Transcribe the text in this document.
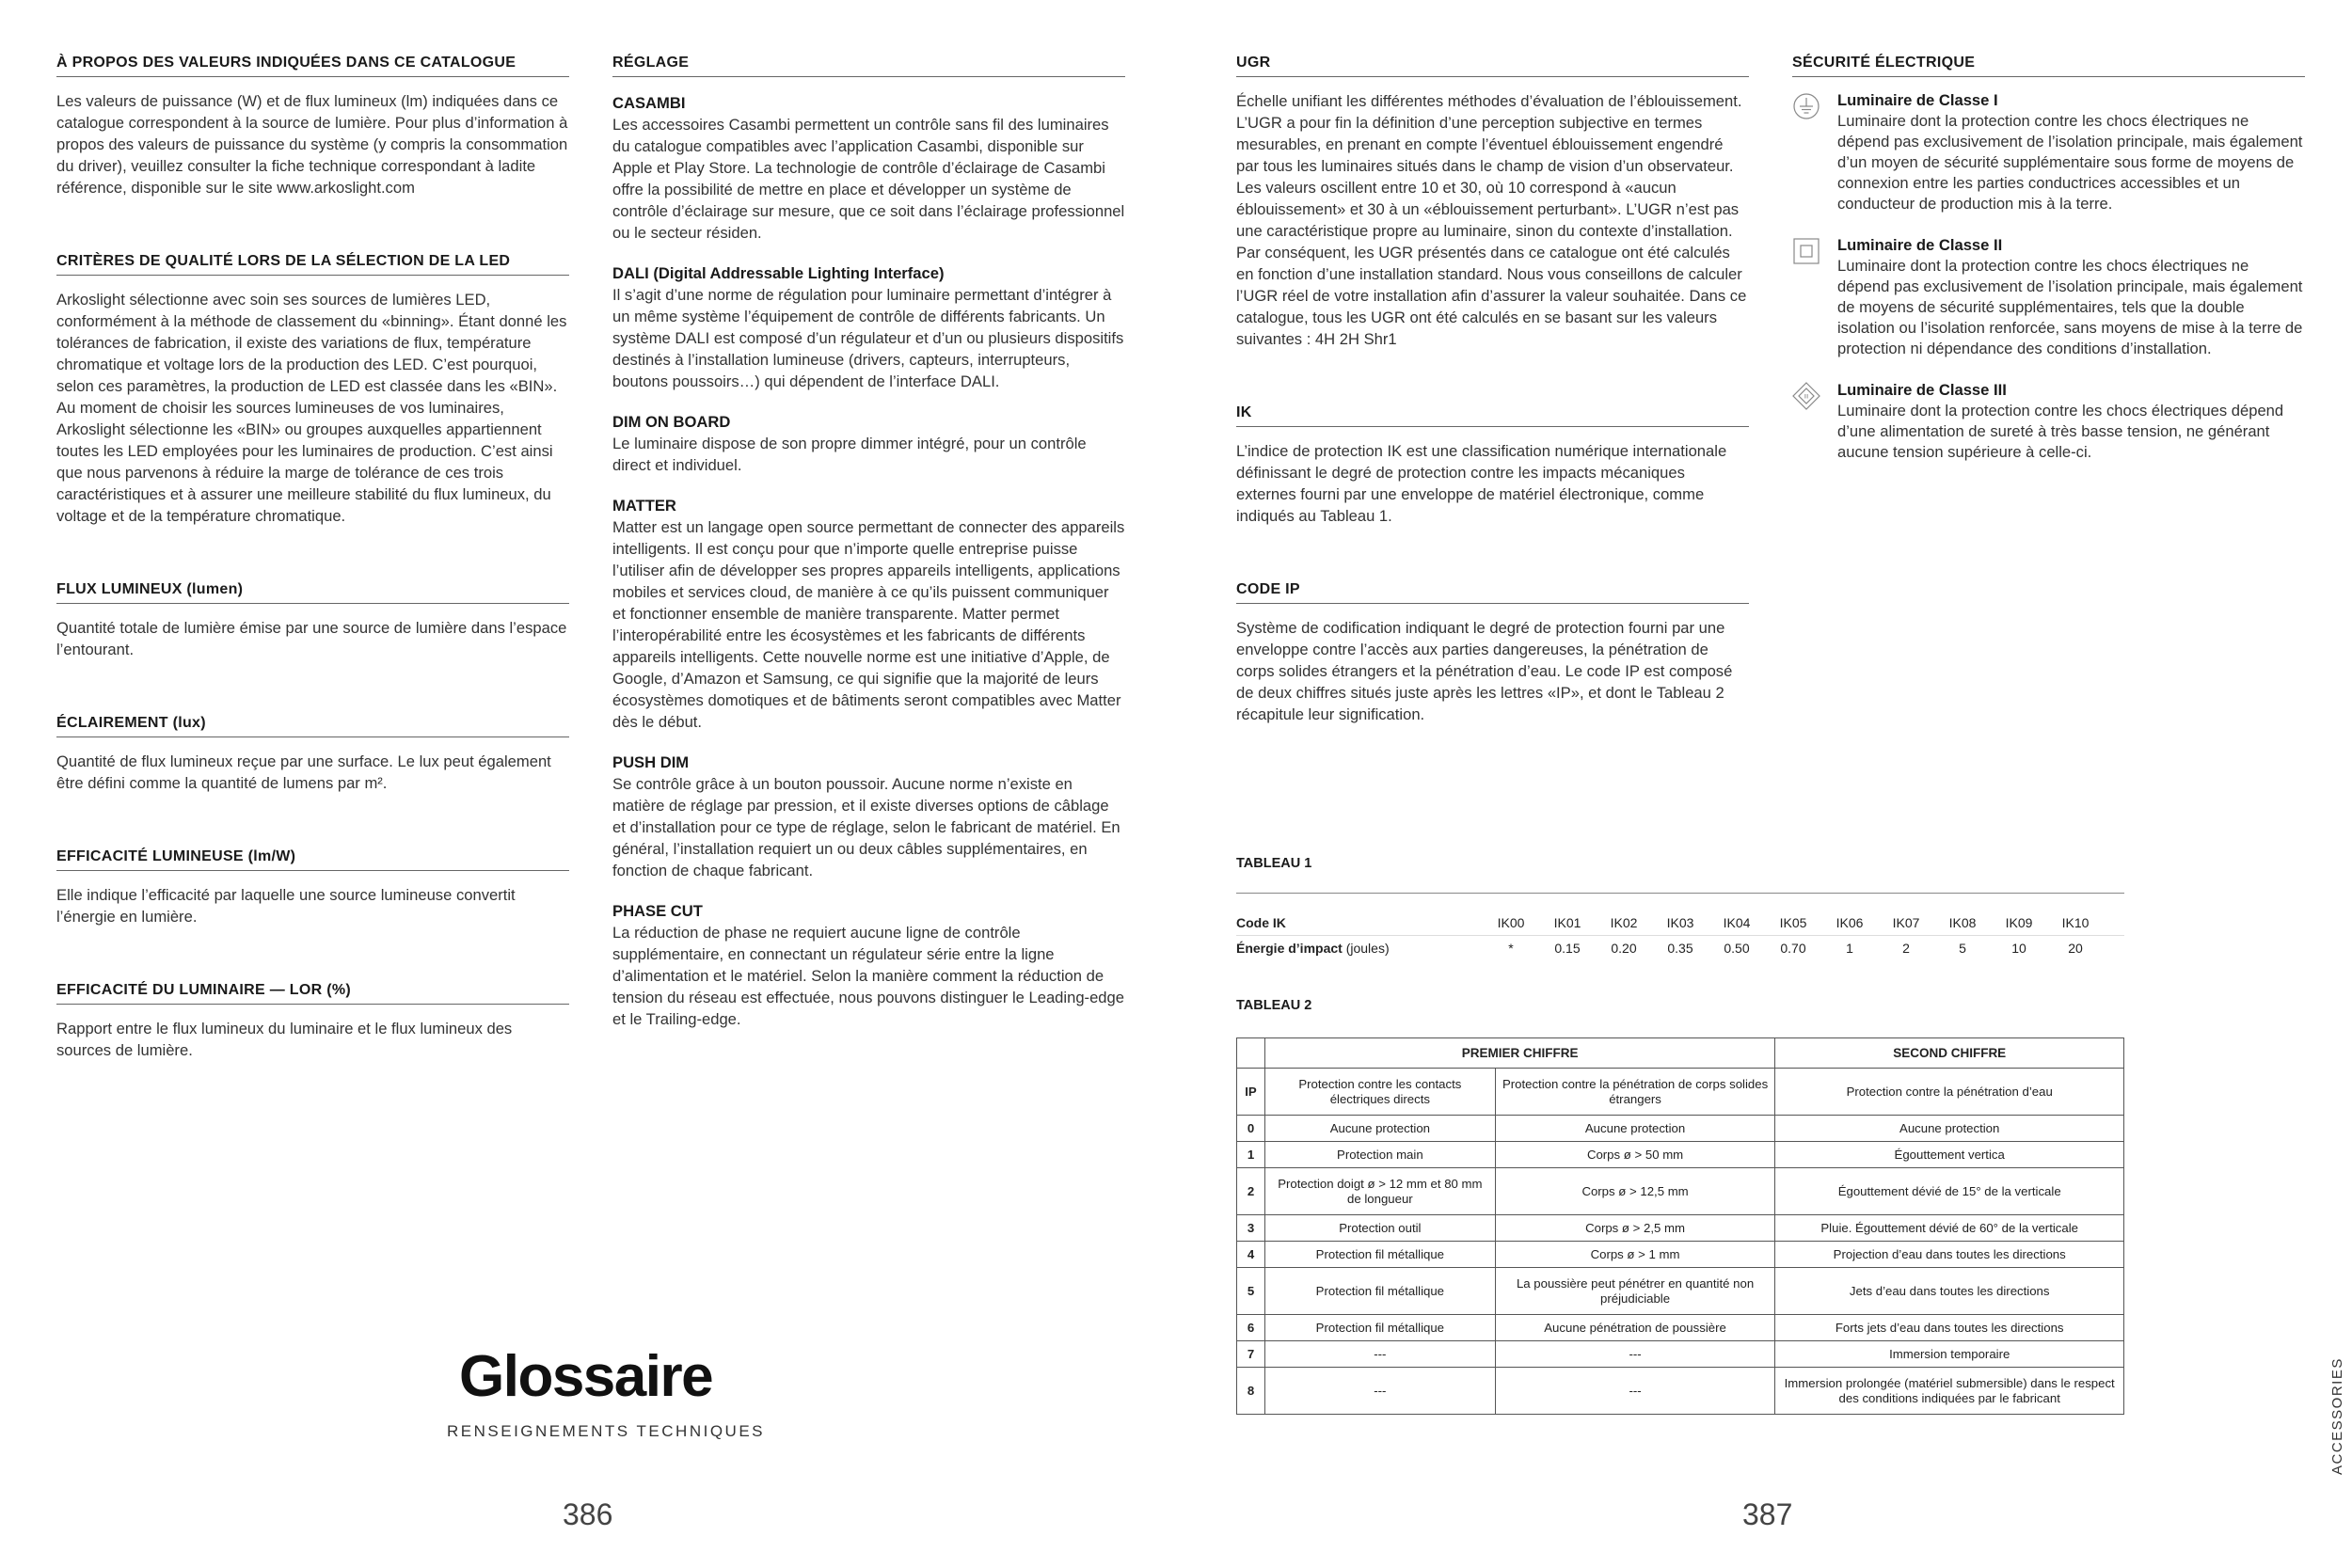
À PROPOS DES VALEURS INDIQUÉES DANS CE CATALOGUE
Les valeurs de puissance (W) et de flux lumineux (lm) indiquées dans ce catalogue correspondent à la source de lumière. Pour plus d’information à propos des valeurs de puissance du système (y compris la consommation du driver), veuillez consulter la fiche technique correspondant à ladite référence, disponible sur le site www.arkoslight.com
CRITÈRES DE QUALITÉ LORS DE LA SÉLECTION DE LA LED
Arkoslight sélectionne avec soin ses sources de lumières LED, conformément à la méthode de classement du «binning». Étant donné les tolérances de fabrication, il existe des variations de flux, température chromatique et voltage lors de la production des LED. C’est pourquoi, selon ces paramètres, la production de LED est classée dans les «BIN». Au moment de choisir les sources lumineuses de vos luminaires, Arkoslight sélectionne les «BIN» ou groupes auxquelles appartiennent toutes les LED employées pour les luminaires de production. C’est ainsi que nous parvenons à réduire la marge de tolérance de ces trois caractéristiques et à assurer une meilleure stabilité du flux lumineux, du voltage et de la température chromatique.
FLUX LUMINEUX (lumen)
Quantité totale de lumière émise par une source de lumière dans l’espace l’entourant.
ÉCLAIREMENT (lux)
Quantité de flux lumineux reçue par une surface. Le lux peut également être défini comme la quantité de lumens par m².
EFFICACITÉ LUMINEUSE (lm/W)
Elle indique l’efficacité par laquelle une source lumineuse convertit l’énergie en lumière.
EFFICACITÉ DU LUMINAIRE — LOR (%)
Rapport entre le flux lumineux du luminaire et le flux lumineux des sources de lumière.
RÉGLAGE
CASAMBI
Les accessoires Casambi permettent un contrôle sans fil des luminaires du catalogue compatibles avec l’application Casambi, disponible sur Apple et Play Store. La technologie de contrôle d’éclairage de Casambi offre la possibilité de mettre en place et développer un système de contrôle d’éclairage sur mesure, que ce soit dans l’éclairage professionnel ou le secteur résiden.
DALI (Digital Addressable Lighting Interface)
Il s’agit d’une norme de régulation pour luminaire permettant d’intégrer à un même système l’équipement de contrôle de différents fabricants. Un système DALI est composé d’un régulateur et d’un ou plusieurs dispositifs destinés à l’installation lumineuse (drivers, capteurs, interrupteurs, boutons poussoirs…) qui dépendent de l’interface DALI.
DIM ON BOARD
Le luminaire dispose de son propre dimmer intégré, pour un contrôle direct et individuel.
MATTER
Matter est un langage open source permettant de connecter des appareils intelligents. Il est conçu pour que n’importe quelle entreprise puisse l’utiliser afin de développer ses propres appareils intelligents, applications mobiles et services cloud, de manière à ce qu’ils puissent communiquer et fonctionner ensemble de manière transparente. Matter permet l’interopérabilité entre les écosystèmes et les fabricants de différents appareils intelligents. Cette nouvelle norme est une initiative d’Apple, de Google, d’Amazon et Samsung, ce qui signifie que la majorité de leurs écosystèmes domotiques et de bâtiments seront compatibles avec Matter dès le début.
PUSH DIM
Se contrôle grâce à un bouton poussoir. Aucune norme n’existe en matière de réglage par pression, et il existe diverses options de câblage et d’installation pour ce type de réglage, selon le fabricant de matériel. En général, l’installation requiert un ou deux câbles supplémentaires, en fonction de chaque fabricant.
PHASE CUT
La réduction de phase ne requiert aucune ligne de contrôle supplémentaire, en connectant un régulateur série entre la ligne d’alimentation et le matériel. Selon la manière comment la réduction de tension du réseau est effectuée, nous pouvons distinguer le Leading-edge et le Trailing-edge.
Glossaire
RENSEIGNEMENTS TECHNIQUES
386
UGR
Échelle unifiant les différentes méthodes d’évaluation de l’éblouissement. L’UGR a pour fin la définition d’une perception subjective en termes mesurables, en prenant en compte l’éventuel éblouissement engendré par tous les luminaires situés dans le champ de vision d’un observateur. Les valeurs oscillent entre 10 et 30, où 10 correspond à «aucun éblouissement» et 30 à un «éblouissement perturbant». L’UGR n’est pas une caractéristique propre au luminaire, sinon du contexte d’installation. Par conséquent, les UGR présentés dans ce catalogue ont été calculés en fonction d’une installation standard. Nous vous conseillons de calculer l’UGR réel de votre installation afin d’assurer la valeur souhaitée. Dans ce catalogue, tous les UGR ont été calculés en se basant sur les valeurs suivantes : 4H 2H Shr1
IK
L’indice de protection IK est une classification numérique internationale définissant le degré de protection contre les impacts mécaniques externes fourni par une enveloppe de matériel électronique, comme indiqués au Tableau 1.
CODE IP
Système de codification indiquant le degré de protection fourni par une enveloppe contre l’accès aux parties dangereuses, la pénétration de corps solides étrangers et la pénétration d’eau. Le code IP est composé de deux chiffres situés juste après les lettres «IP», et dont le Tableau 2 récapitule leur signification.
SÉCURITÉ ÉLECTRIQUE
Luminaire de Classe I
Luminaire dont la protection contre les chocs électriques ne dépend pas exclusivement de l’isolation principale, mais également d’un moyen de sécurité supplémentaire sous forme de moyens de connexion entre les parties conductrices accessibles et un conducteur de production mis à la terre.
Luminaire de Classe II
Luminaire dont la protection contre les chocs électriques ne dépend pas exclusivement de l’isolation principale, mais également de moyens de sécurité supplémentaires, tels que la double isolation ou l’isolation renforcée, sans moyens de mise à la terre de protection ni dépendance des conditions d’installation.
III Luminaire de Classe III
Luminaire dont la protection contre les chocs électriques dépend d’une alimentation de sureté à très basse tension, ne générant aucune tension supérieure à celle-ci.
TABLEAU 1
Code IK	IK00	IK01	IK02	IK03	IK04	IK05	IK06	IK07	IK08	IK09	IK10
Énergie d’impact (joules)	*	0.15	0.20	0.35	0.50	0.70	1	2	5	10	20
TABLEAU 2
	PREMIER CHIFFRE		SECOND CHIFFRE
IP	Protection contre les contacts électriques directs	Protection contre la pénétration de corps solides étrangers	Protection contre la pénétration d’eau
0	Aucune protection	Aucune protection	Aucune protection
1	Protection main	Corps ø > 50 mm	Égouttement vertica
2	Protection doigt ø > 12 mm et 80 mm de longueur	Corps ø > 12,5 mm	Égouttement dévié de 15° de la verticale
3	Protection outil	Corps ø > 2,5 mm	Pluie. Égouttement dévié de 60° de la verticale
4	Protection fil métallique	Corps ø > 1 mm	Projection d’eau dans toutes les directions
5	Protection fil métallique	La poussière peut pénétrer en quantité non préjudiciable	Jets d’eau dans toutes les directions
6	Protection fil métallique	Aucune pénétration de poussière	Forts jets d’eau dans toutes les directions
7	---	---	Immersion temporaire
8	---	---	Immersion prolongée (matériel submersible) dans le respect des conditions indiquées par le fabricant
387
ACCESSORIES
